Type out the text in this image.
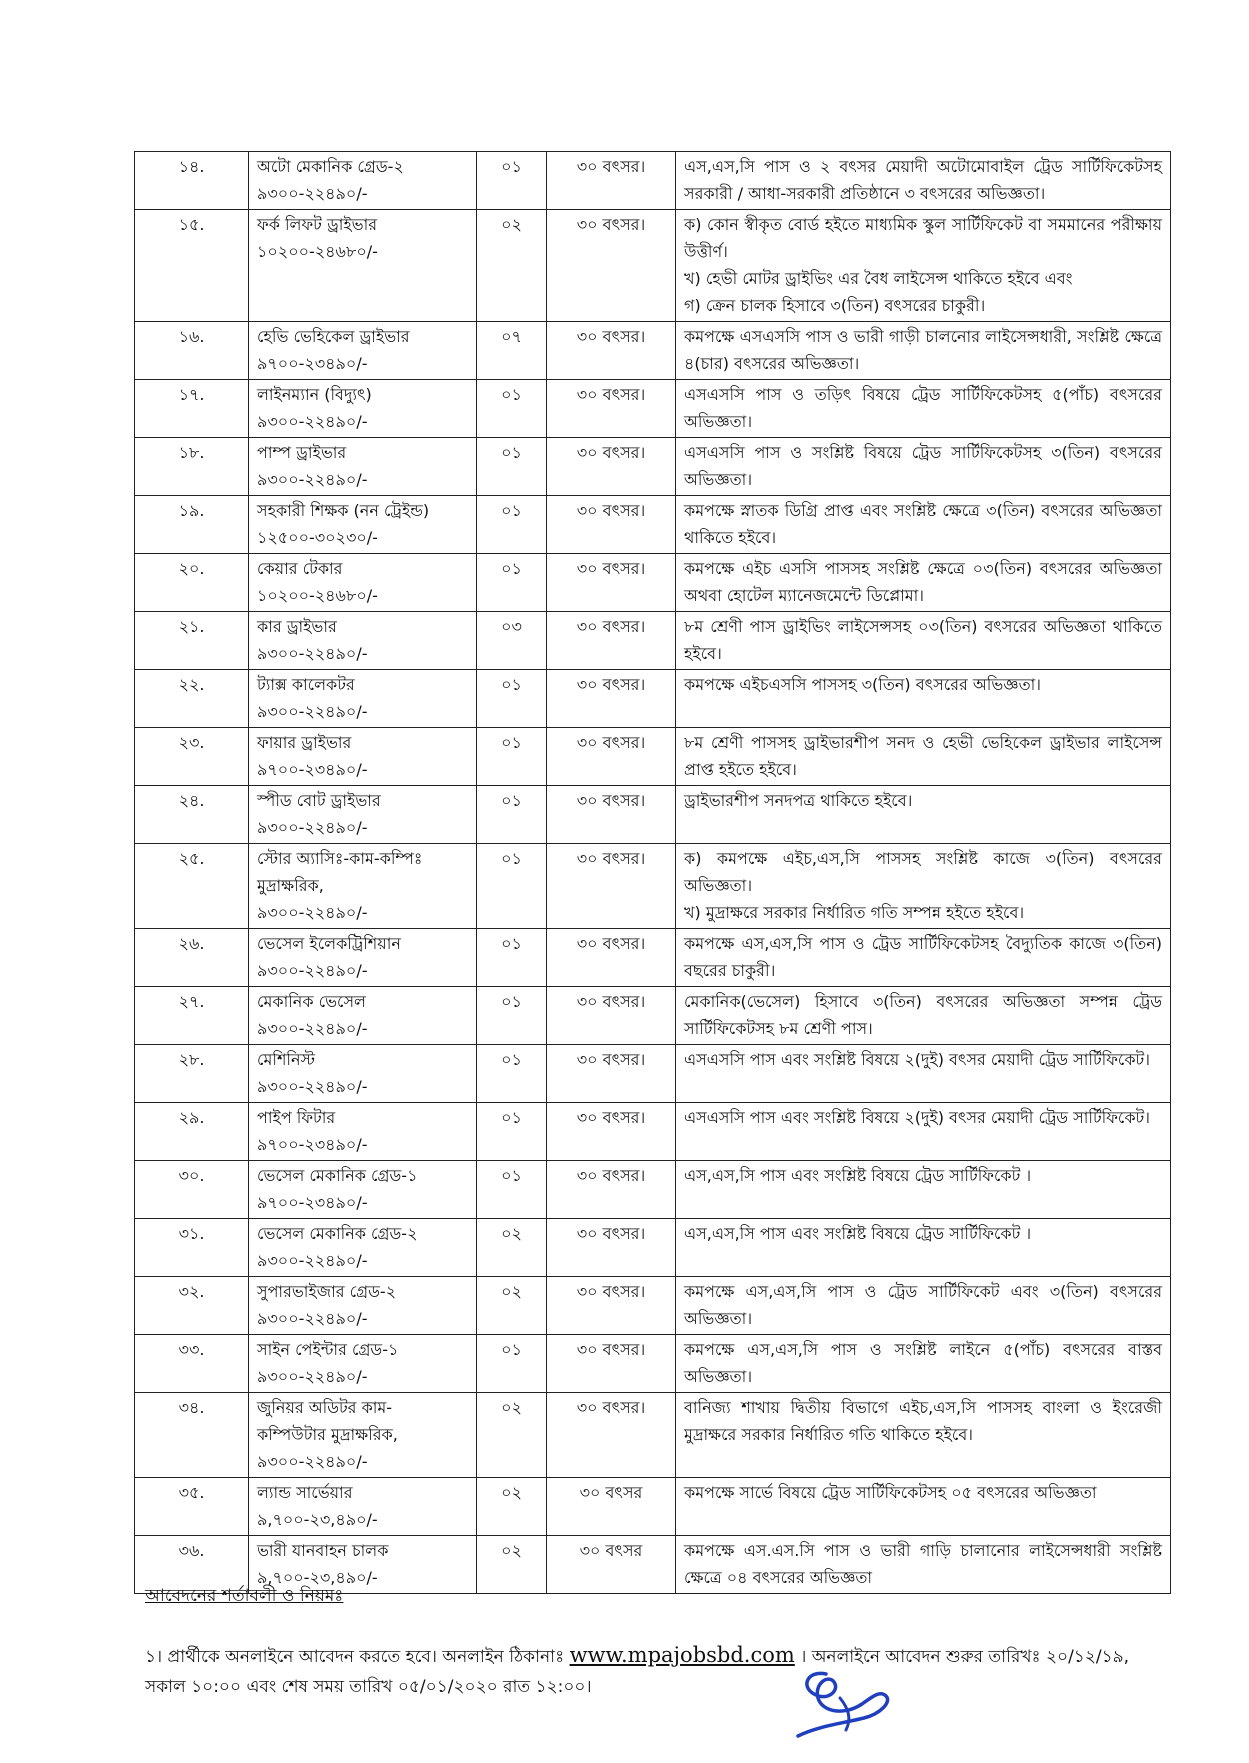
১৪.	অটো মেকানিক গ্রেড-২
৯৩০০-২২৪৯০/-	০১	৩০ বৎসর।	এস,এস,সি পাস ও ২ বৎসর মেয়াদী অটোমোবাইল ট্রেড সার্টিফিকেটসহ সরকারী / আধা-সরকারী প্রতিষ্ঠানে ৩ বৎসরের অভিজ্ঞতা।

১৫.	ফর্ক লিফট ড্রাইভার
১০২০০-২৪৬৮০/-	০২	৩০ বৎসর।	ক) কোন স্বীকৃত বোর্ড হইতে মাধ্যমিক স্কুল সার্টিফিকেট বা সমমানের পরীক্ষায় উত্তীর্ণ।
খ) হেভী মোটর ড্রাইভিং এর বৈধ লাইসেন্স থাকিতে হইবে এবং
গ) ক্রেন চালক হিসাবে ৩(তিন) বৎসরের চাকুরী।

১৬.	হেভি ভেহিকেল ড্রাইভার
৯৭০০-২৩৪৯০/-	০৭	৩০ বৎসর।	কমপক্ষে এসএসসি পাস ও ভারী গাড়ী চালনোর লাইসেন্সধারী, সংশ্লিষ্ট ক্ষেত্রে ৪(চার) বৎসরের অভিজ্ঞতা।

১৭.	লাইনম্যান (বিদ্যুৎ)
৯৩০০-২২৪৯০/-	০১	৩০ বৎসর।	এসএসসি পাস ও তড়িৎ বিষয়ে ট্রেড সার্টিফিকেটসহ ৫(পাঁচ) বৎসরের অভিজ্ঞতা।

১৮.	পাম্প ড্রাইভার
৯৩০০-২২৪৯০/-	০১	৩০ বৎসর।	এসএসসি পাস ও সংশ্লিষ্ট বিষয়ে ট্রেড সার্টিফিকেটসহ ৩(তিন) বৎসরের অভিজ্ঞতা।

১৯.	সহকারী শিক্ষক (নন ট্রেইন্ড)
১২৫০০-৩০২৩০/-	০১	৩০ বৎসর।	কমপক্ষে স্নাতক ডিগ্রি প্রাপ্ত এবং সংশ্লিষ্ট ক্ষেত্রে ৩(তিন) বৎসরের অভিজ্ঞতা থাকিতে হইবে।

২০.	কেয়ার টেকার
১০২০০-২৪৬৮০/-	০১	৩০ বৎসর।	কমপক্ষে এইচ এসসি পাসসহ সংশ্লিষ্ট ক্ষেত্রে ০৩(তিন) বৎসরের অভিজ্ঞতা অথবা হোটেল ম্যানেজমেন্টে ডিপ্লোমা।

২১.	কার ড্রাইভার
৯৩০০-২২৪৯০/-	০৩	৩০ বৎসর।	৮ম শ্রেণী পাস ড্রাইভিং লাইসেন্সসহ ০৩(তিন) বৎসরের অভিজ্ঞতা থাকিতে হইবে।

২২.	ট্যাক্স কালেকটর
৯৩০০-২২৪৯০/-	০১	৩০ বৎসর।	কমপক্ষে এইচএসসি পাসসহ ৩(তিন) বৎসরের অভিজ্ঞতা।

২৩.	ফায়ার ড্রাইভার
৯৭০০-২৩৪৯০/-	০১	৩০ বৎসর।	৮ম শ্রেণী পাসসহ ড্রাইভারশীপ সনদ ও হেভী ভেহিকেল ড্রাইভার লাইসেন্স প্রাপ্ত হইতে হইবে।

২৪.	স্পীড বোট ড্রাইভার
৯৩০০-২২৪৯০/-	০১	৩০ বৎসর।	ড্রাইভারশীপ সনদপত্র থাকিতে হইবে।

২৫.	স্টোর অ্যাসিঃ-কাম-কম্পিঃ
মুদ্রাক্ষরিক,
৯৩০০-২২৪৯০/-	০১	৩০ বৎসর।	ক) কমপক্ষে এইচ,এস,সি পাসসহ সংশ্লিষ্ট কাজে ৩(তিন) বৎসরের অভিজ্ঞতা।
খ) মুদ্রাক্ষরে সরকার নির্ধারিত গতি সম্পন্ন হইতে হইবে।

২৬.	ভেসেল ইলেকট্রিশিয়ান
৯৩০০-২২৪৯০/-	০১	৩০ বৎসর।	কমপক্ষে এস,এস,সি পাস ও ট্রেড সার্টিফিকেটসহ বৈদ্যুতিক কাজে ৩(তিন) বছরের চাকুরী।

২৭.	মেকানিক ভেসেল
৯৩০০-২২৪৯০/-	০১	৩০ বৎসর।	মেকানিক(ভেসেল) হিসাবে ৩(তিন) বৎসরের অভিজ্ঞতা সম্পন্ন ট্রেড সার্টিফিকেটসহ ৮ম শ্রেণী পাস।

২৮.	মেশিনিস্ট
৯৩০০-২২৪৯০/-	০১	৩০ বৎসর।	এসএসসি পাস এবং সংশ্লিষ্ট বিষয়ে ২(দুই) বৎসর মেয়াদী ট্রেড সার্টিফিকেট।

২৯.	পাইপ ফিটার
৯৭০০-২৩৪৯০/-	০১	৩০ বৎসর।	এসএসসি পাস এবং সংশ্লিষ্ট বিষয়ে ২(দুই) বৎসর মেয়াদী ট্রেড সার্টিফিকেট।

৩০.	ভেসেল মেকানিক গ্রেড-১
৯৭০০-২৩৪৯০/-	০১	৩০ বৎসর।	এস,এস,সি পাস এবং সংশ্লিষ্ট বিষয়ে ট্রেড সার্টিফিকেট ।

৩১.	ভেসেল মেকানিক গ্রেড-২
৯৩০০-২২৪৯০/-	০২	৩০ বৎসর।	এস,এস,সি পাস এবং সংশ্লিষ্ট বিষয়ে ট্রেড সার্টিফিকেট ।

৩২.	সুপারভাইজার গ্রেড-২
৯৩০০-২২৪৯০/-	০২	৩০ বৎসর।	কমপক্ষে এস,এস,সি পাস ও ট্রেড সার্টিফিকেট এবং ৩(তিন) বৎসরের অভিজ্ঞতা।

৩৩.	সাইন পেইন্টার গ্রেড-১
৯৩০০-২২৪৯০/-	০১	৩০ বৎসর।	কমপক্ষে এস,এস,সি পাস ও সংশ্লিষ্ট লাইনে ৫(পাঁচ) বৎসরের বাস্তব অভিজ্ঞতা।

৩৪.	জুনিয়র অডিটর কাম-
কম্পিউটার মুদ্রাক্ষরিক,
৯৩০০-২২৪৯০/-	০২	৩০ বৎসর।	বানিজ্য শাখায় দ্বিতীয় বিভাগে এইচ,এস,সি পাসসহ বাংলা ও ইংরেজী মুদ্রাক্ষরে সরকার নির্ধারিত গতি থাকিতে হইবে।

৩৫.	ল্যান্ড সার্ভেয়ার
৯,৭০০-২৩,৪৯০/-	০২	৩০ বৎসর	কমপক্ষে সার্ভে বিষয়ে ট্রেড সার্টিফিকেটসহ ০৫ বৎসরের অভিজ্ঞতা

৩৬.	ভারী যানবাহন চালক
৯,৭০০-২৩,৪৯০/-	০২	৩০ বৎসর	কমপক্ষে এস.এস.সি পাস ও ভারী গাড়ি চালানোর লাইসেন্সধারী সংশ্লিষ্ট ক্ষেত্রে ০৪ বৎসরের অভিজ্ঞতা
আবেদনের শর্তাবলী ও নিয়মঃ
১। প্রার্থীকে অনলাইনে আবেদন করতে হবে। অনলাইন ঠিকানাঃ www.mpajobsbd.com । অনলাইনে আবেদন শুরুর তারিখঃ ২০/১২/১৯, সকাল ১০:০০ এবং শেষ সময় তারিখ ০৫/০১/২০২০ রাত ১২:০০।
